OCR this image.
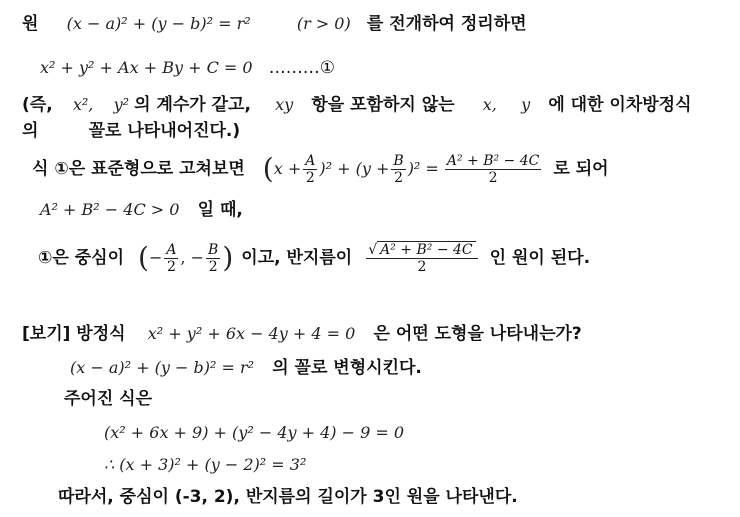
원 (x − a)² + (y − b)² = r²	(r > 0) 를 전개하여 정리하면
x² + y² + Ax + By + C = 0 ………①
(즉, x², y² 의 계수가 같고, xy 항을 포함하지 않는 x, y 에 대한 이차방정식
의	꼴로 나타내어진다.)
식 ①은 표준형으로 고쳐보면 ( $x + \frac{A}{2} )^2$ + ( $y + \frac{B}{2} )^2 = \frac{\text{A² + B² − 4C}}{2}$ 로 되어
A² + B² − 4C > 0 일 때,
①은 중심이 ( − $\frac{A}{2}$ , − $\frac{B}{2}$ ) 이고, 반지름이 $\frac{\text{√ A² + B² − 4C}}{2}$ 인 원이 된다.
[보기] 방정식 x² + y² + 6x − 4y + 4 = 0 은 어떤 도형을 나타내는가?
(x − a)² + (y − b)² = r² 의 꼴로 변형시킨다.
주어진 식은
(x² + 6x + 9) + (y² − 4y + 4) − 9 = 0
∴ (x + 3)² + (y − 2)² = 3²
따라서, 중심이 (-3, 2), 반지름의 길이가 3인 원을 나타낸다.
